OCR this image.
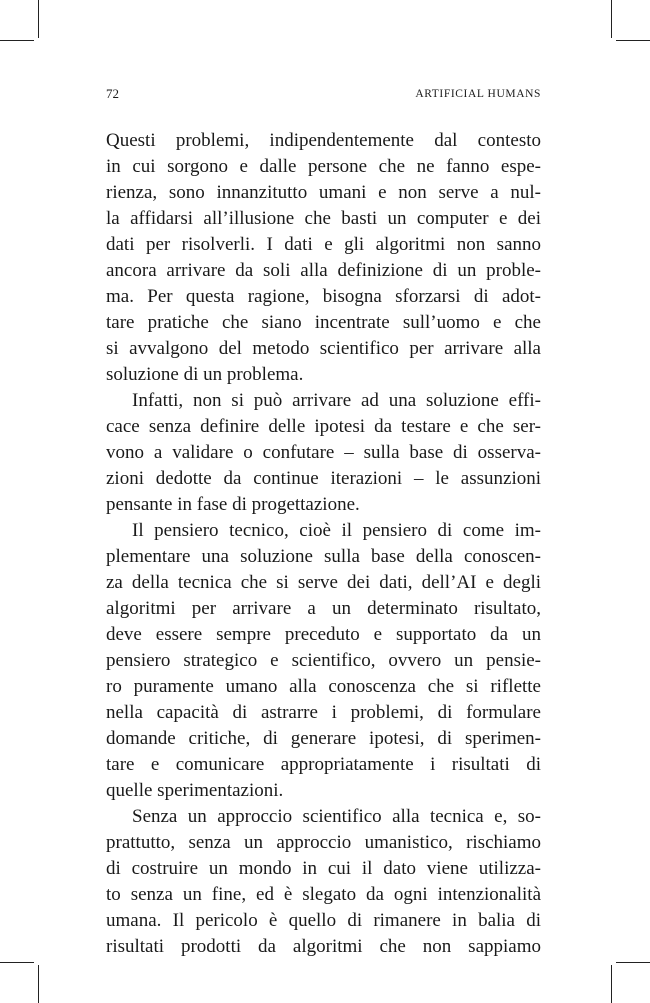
72	ARTIFICIAL HUMANS
Questi problemi, indipendentemente dal contesto
in cui sorgono e dalle persone che ne fanno espe-
rienza, sono innanzitutto umani e non serve a nul-
la affidarsi all’illusione che basti un computer e dei
dati per risolverli. I dati e gli algoritmi non sanno
ancora arrivare da soli alla definizione di un proble-
ma. Per questa ragione, bisogna sforzarsi di adot-
tare pratiche che siano incentrate sull’uomo e che
si avvalgono del metodo scientifico per arrivare alla
soluzione di un problema.
Infatti, non si può arrivare ad una soluzione effi-
cace senza definire delle ipotesi da testare e che ser-
vono a validare o confutare – sulla base di osserva-
zioni dedotte da continue iterazioni – le assunzioni
pensante in fase di progettazione.
Il pensiero tecnico, cioè il pensiero di come im-
plementare una soluzione sulla base della conoscen-
za della tecnica che si serve dei dati, dell’AI e degli
algoritmi per arrivare a un determinato risultato,
deve essere sempre preceduto e supportato da un
pensiero strategico e scientifico, ovvero un pensie-
ro puramente umano alla conoscenza che si riflette
nella capacità di astrarre i problemi, di formulare
domande critiche, di generare ipotesi, di sperimen-
tare e comunicare appropriatamente i risultati di
quelle sperimentazioni.
Senza un approccio scientifico alla tecnica e, so-
prattutto, senza un approccio umanistico, rischiamo
di costruire un mondo in cui il dato viene utilizza-
to senza un fine, ed è slegato da ogni intenzionalità
umana. Il pericolo è quello di rimanere in balia di
risultati prodotti da algoritmi che non sappiamo
